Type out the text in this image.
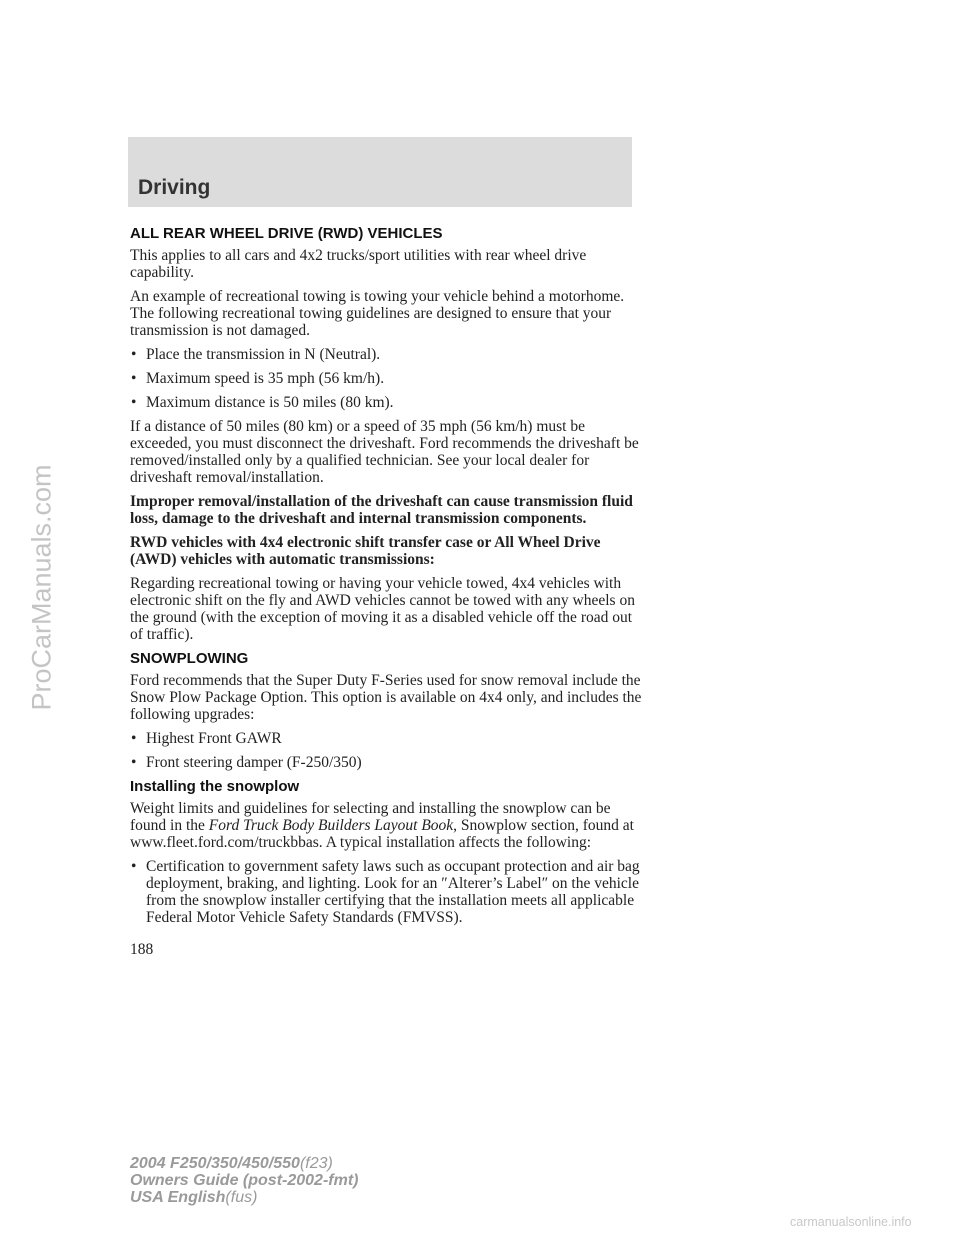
ProCarManuals.com
Driving
ALL REAR WHEEL DRIVE (RWD) VEHICLES

This applies to all cars and 4x2 trucks/sport utilities with rear wheel drive capability.

An example of recreational towing is towing your vehicle behind a motorhome. The following recreational towing guidelines are designed to ensure that your transmission is not damaged.

• Place the transmission in N (Neutral).
• Maximum speed is 35 mph (56 km/h).
• Maximum distance is 50 miles (80 km).

If a distance of 50 miles (80 km) or a speed of 35 mph (56 km/h) must be exceeded, you must disconnect the driveshaft. Ford recommends the driveshaft be removed/installed only by a qualified technician. See your local dealer for driveshaft removal/installation.

Improper removal/installation of the driveshaft can cause transmission fluid loss, damage to the driveshaft and internal transmission components.

RWD vehicles with 4x4 electronic shift transfer case or All Wheel Drive (AWD) vehicles with automatic transmissions:

Regarding recreational towing or having your vehicle towed, 4x4 vehicles with electronic shift on the fly and AWD vehicles cannot be towed with any wheels on the ground (with the exception of moving it as a disabled vehicle off the road out of traffic).

SNOWPLOWING

Ford recommends that the Super Duty F-Series used for snow removal include the Snow Plow Package Option. This option is available on 4x4 only, and includes the following upgrades:

• Highest Front GAWR
• Front steering damper (F-250/350)
Installing the snowplow

Weight limits and guidelines for selecting and installing the snowplow can be found in the Ford Truck Body Builders Layout Book, Snowplow section, found at www.fleet.ford.com/truckbbas. A typical installation affects the following:

• Certification to government safety laws such as occupant protection and air bag deployment, braking, and lighting. Look for an ″Alterer’s Label″ on the vehicle from the snowplow installer certifying that the installation meets all applicable Federal Motor Vehicle Safety Standards (FMVSS).
188
2004 F250/350/450/550(f23)
Owners Guide (post-2002-fmt)
USA English(fus)
carmanualsonline.info
